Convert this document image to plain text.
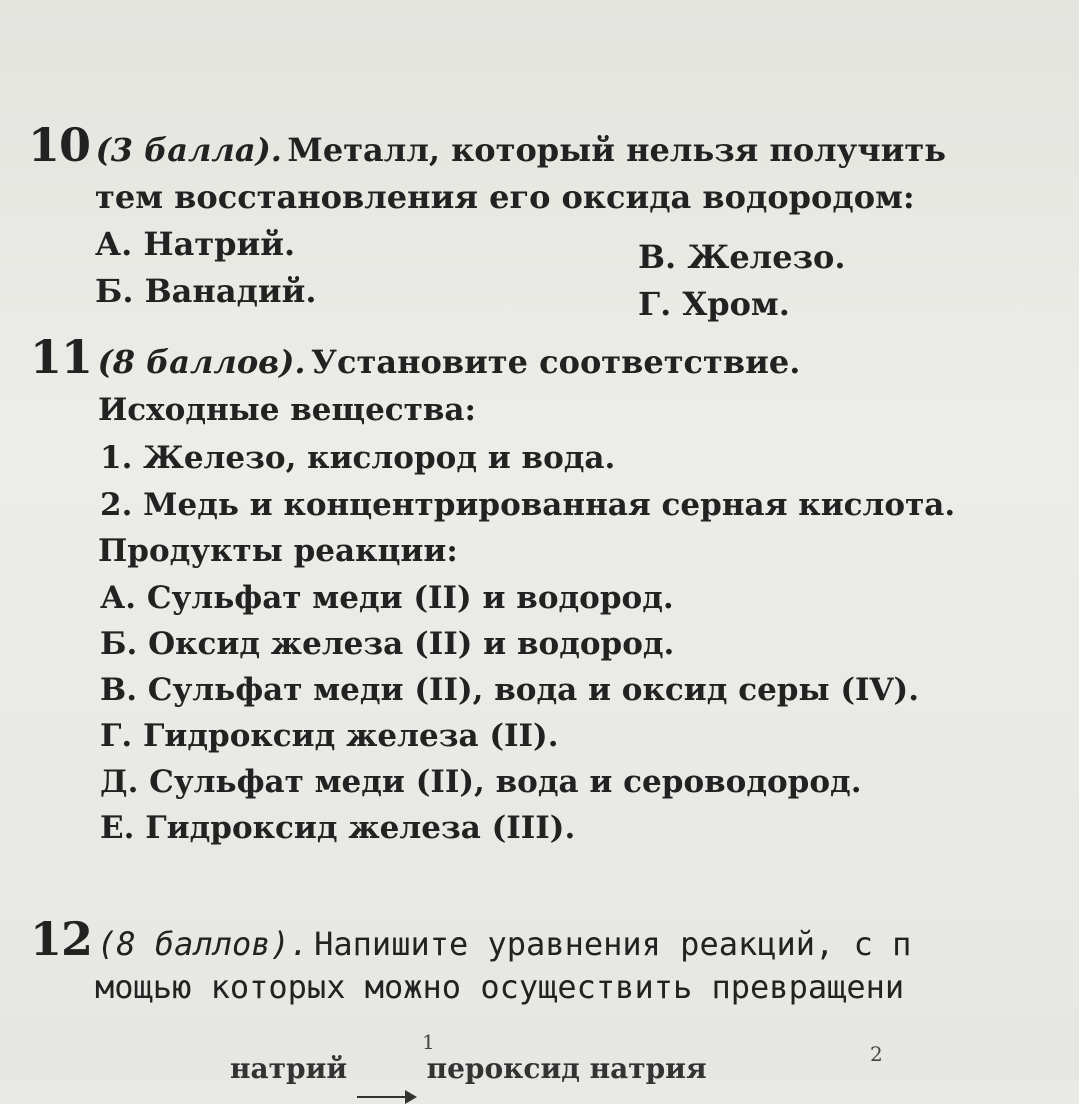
10 (3 балла). Металл, который нельзя получить
тем восстановления его оксида водородом:
А. Натрий.
Б. Ванадий.
В. Железо.
Г. Хром.
11 (8 баллов). Установите соответствие.
Исходные вещества:
1. Железо, кислород и вода.
2. Медь и концентрированная серная кислота.
Продукты реакции:
А. Сульфат меди (II) и водород.
Б. Оксид железа (II) и водород.
В. Сульфат меди (II), вода и оксид серы (IV).
Г. Гидроксид железа (II).
Д. Сульфат меди (II), вода и сероводород.
Е. Гидроксид железа (III).
12 (8 баллов). Напишите уравнения реакций, с п
мощью которых можно осуществить превращени
1	2
натрий	пероксид натрия
